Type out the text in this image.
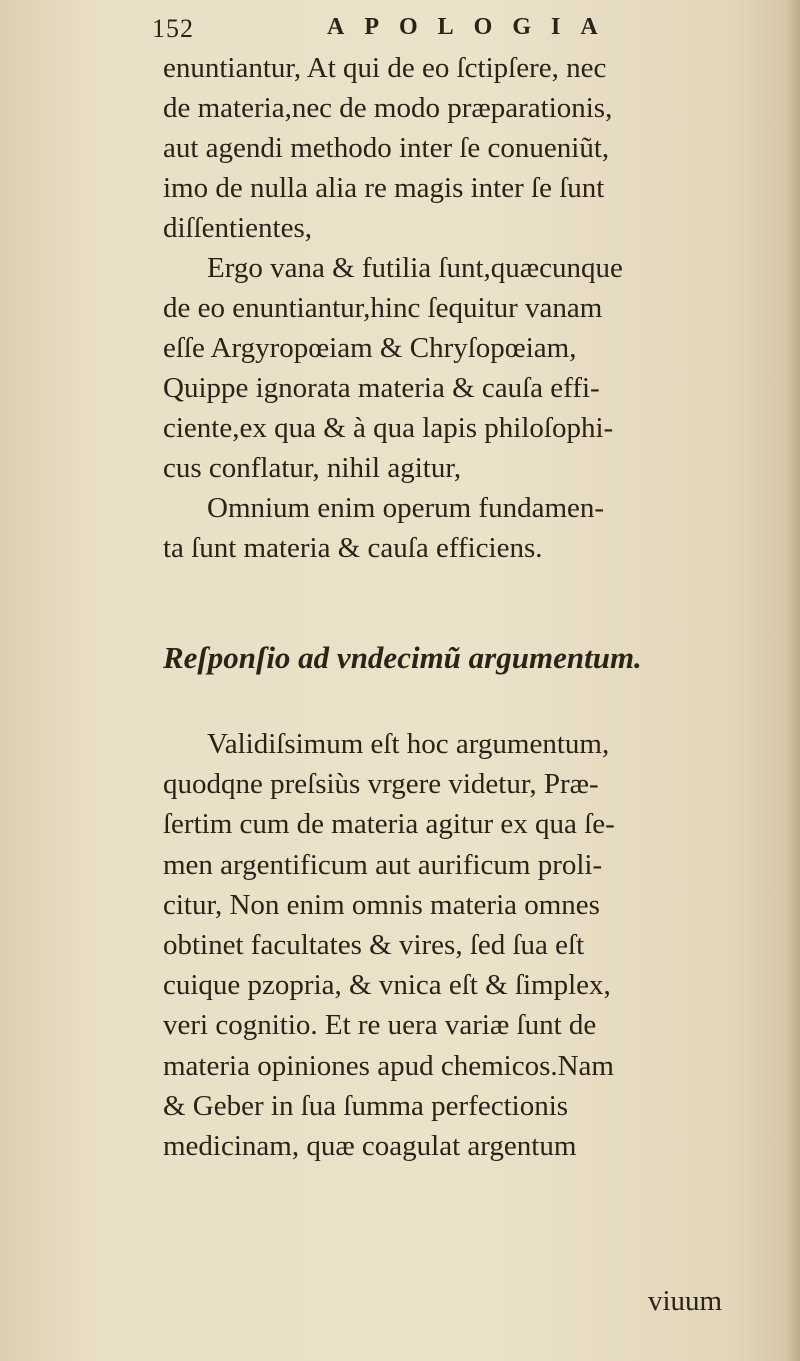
152	APOLOGIA
enuntiantur, At qui de eo ſctipſere, nec
de materia,nec de modo præparationis,
aut agendi methodo inter ſe conueniũt,
imo de nulla alia re magis inter ſe ſunt
diſſentientes,
Ergo vana & futilia ſunt,quæcunque
de eo enuntiantur,hinc ſequitur vanam
eſſe Argyropœiam & Chryſopœiam,
Quippe ignorata materia & cauſa effi-
ciente,ex qua & à qua lapis philoſophi-
cus conflatur, nihil agitur,
Omnium enim operum fundamen-
ta ſunt materia & cauſa efficiens.
Reſponſio ad vndecimũ argumentum.
Validiſsimum eſt hoc argumentum,
quodqne preſsiùs vrgere videtur, Præ-
ſertim cum de materia agitur ex qua ſe-
men argentificum aut aurificum proli-
citur, Non enim omnis materia omnes
obtinet facultates & vires, ſed ſua eſt
cuique pzopria, & vnica eſt & ſimplex,
veri cognitio. Et re uera variæ ſunt de
materia opiniones apud chemicos.Nam
& Geber in ſua ſumma perfectionis
medicinam, quæ coagulat argentum
viuum
